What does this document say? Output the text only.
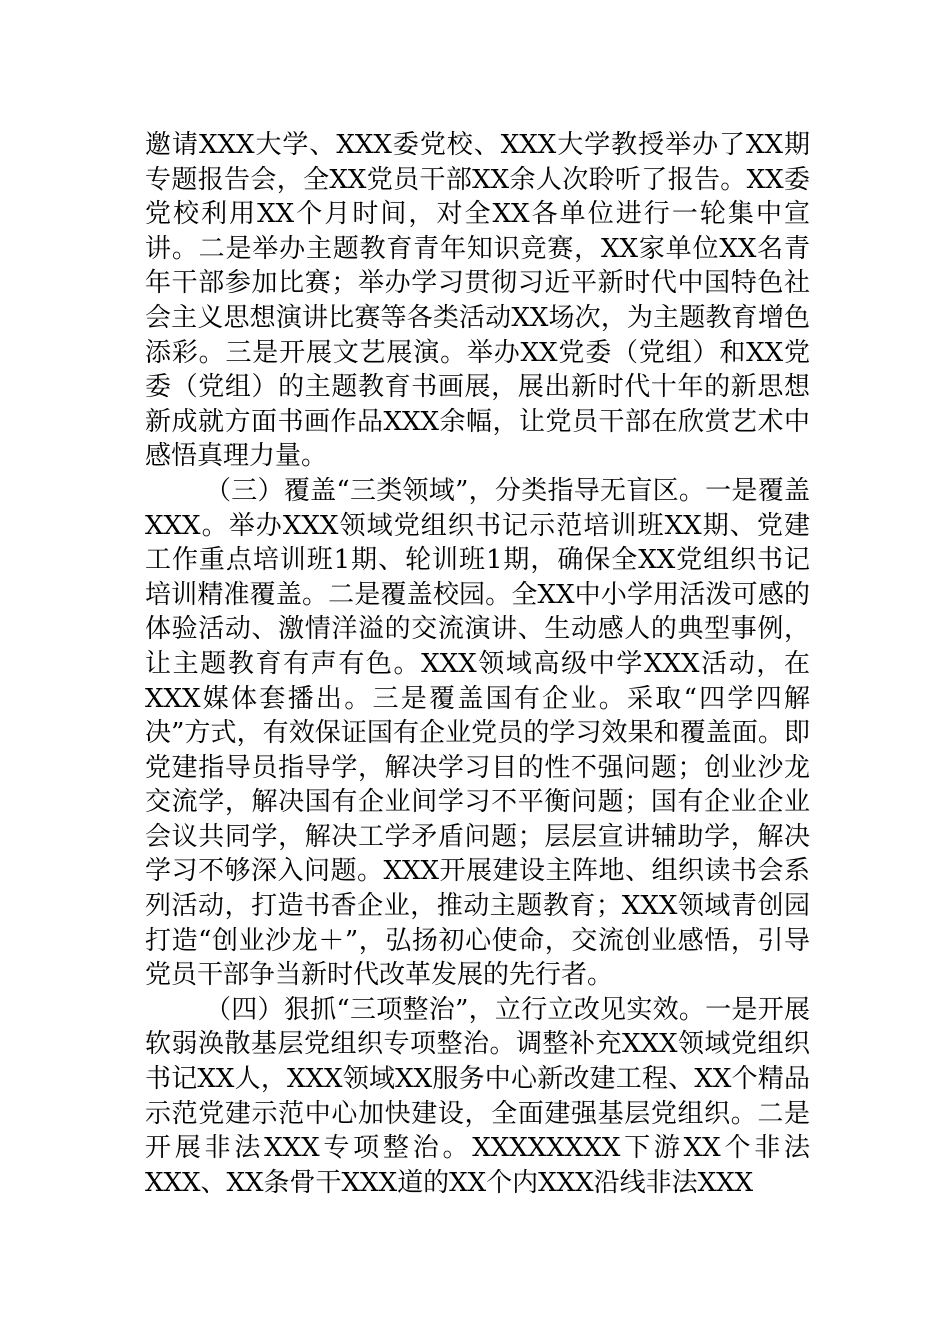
邀请XXX大学、XXX委党校、XXX大学教授举办了XX期专题报告会，全XX党员干部XX余人次聆听了报告。XX委党校利用XX个月时间，对全XX各单位进行一轮集中宣讲。二是举办主题教育青年知识竞赛，XX家单位XX名青年干部参加比赛；举办学习贯彻习近平新时代中国特色社会主义思想演讲比赛等各类活动XX场次，为主题教育增色添彩。三是开展文艺展演。举办XX党委（党组）和XX党委（党组）的主题教育书画展，展出新时代十年的新思想新成就方面书画作品XXX余幅，让党员干部在欣赏艺术中感悟真理力量。

（三）覆盖“三类领域”，分类指导无盲区。一是覆盖XXX。举办XXX领域党组织书记示范培训班XX期、党建工作重点培训班1期、轮训班1期，确保全XX党组织书记培训精准覆盖。二是覆盖校园。全XX中小学用活泼可感的体验活动、激情洋溢的交流演讲、生动感人的典型事例，让主题教育有声有色。XXX领域高级中学XXX活动，在XXX媒体套播出。三是覆盖国有企业。采取“四学四解决”方式，有效保证国有企业党员的学习效果和覆盖面。即党建指导员指导学，解决学习目的性不强问题；创业沙龙交流学，解决国有企业间学习不平衡问题；国有企业企业会议共同学，解决工学矛盾问题；层层宣讲辅助学，解决学习不够深入问题。XXX开展建设主阵地、组织读书会系列活动，打造书香企业，推动主题教育；XXX领域青创园打造“创业沙龙＋”，弘扬初心使命，交流创业感悟，引导党员干部争当新时代改革发展的先行者。

（四）狠抓“三项整治”，立行立改见实效。一是开展软弱涣散基层党组织专项整治。调整补充XXX领域党组织书记XX人，XXX领域XX服务中心新改建工程、XX个精品示范党建示范中心加快建设，全面建强基层党组织。二是开展非法XXX专项整治。XXXXXXXX下游XX个非法XXX、XX条骨干XXX道的XX个内XXX沿线非法XXX
